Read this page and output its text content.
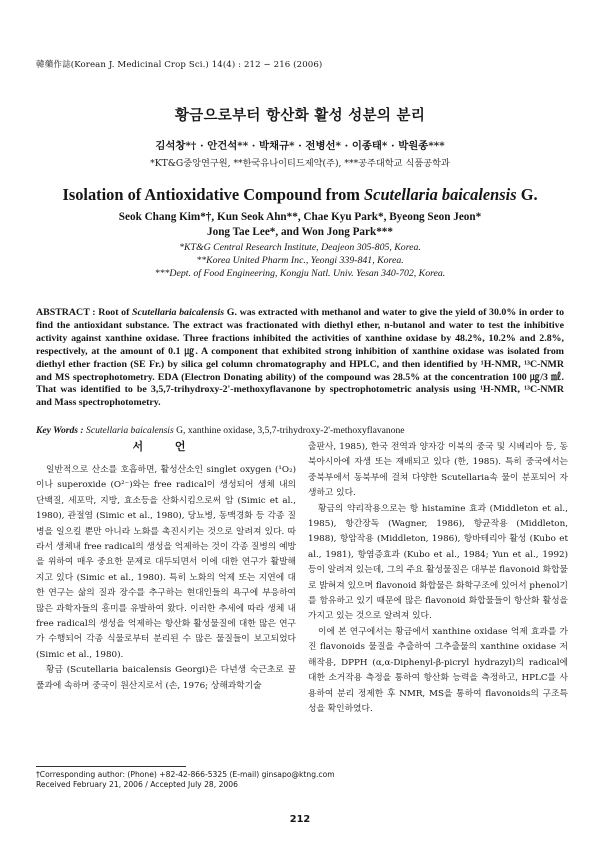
韓藥作誌(Korean J. Medicinal Crop Sci.) 14(4) : 212 − 216 (2006)
황금으로부터 항산화 활성 성분의 분리
김석창*† · 안건석** · 박채규* · 전병선* · 이종태* · 박원종***
*KT&G중앙연구원, **한국유나이티드제약(주), ***공주대학교 식품공학과
Isolation of Antioxidative Compound from Scutellaria baicalensis G.
Seok Chang Kim*†, Kun Seok Ahn**, Chae Kyu Park*, Byeong Seon Jeon*
Jong Tae Lee*, and Won Jong Park***
*KT&G Central Research Institute, Deajeon 305-805, Korea.
**Korea United Pharm Inc., Yeongi 339-841, Korea.
***Dept. of Food Engineering, Kongju Natl. Univ. Yesan 340-702, Korea.
ABSTRACT : Root of Scutellaria baicalensis G. was extracted with methanol and water to give the yield of 30.0% in order to find the antioxidant substance. The extract was fractionated with diethyl ether, n-butanol and water to test the inhibitive activity against xanthine oxidase. Three fractions inhibited the activities of xanthine oxidase by 48.2%, 10.2% and 2.8%, respectively, at the amount of 0.1 ㎍. A component that exhibited strong inhibition of xanthine oxidase was isolated from diethyl ether fraction (SE Fr.) by silica gel column chromatography and HPLC, and then identified by ¹H-NMR, ¹³C-NMR and MS spectrophotometry. EDA (Electron Donating ability) of the compound was 28.5% at the concentration 100 ㎍/3 ㎖. That was identified to be 3,5,7-trihydroxy-2'-methoxyflavanone by spectrophotometric analysis using ¹H-NMR, ¹³C-NMR and Mass spectrophotometry.
Key Words : Scutellaria baicalensis G, xanthine oxidase, 3,5,7-trihydroxy-2'-methoxyflavanone
서 언

일반적으로 산소를 호흡하면, 활성산소인 singlet oxygen (¹O₂)이나 superoxide (O²⁻)와는 free radical이 생성되어 생체 내의 단백질, 세포막, 지방, 효소등을 산화시킴으로써 암 (Simic et al., 1980), 관절염 (Simic et al., 1980), 당뇨병, 동맥경화 등 각종 질병을 일으킬 뿐만 아니라 노화를 촉진시키는 것으로 알려져 있다. 따라서 생체내 free radical의 생성을 억제하는 것이 각종 질병의 예방을 위하여 매우 중요한 문제로 대두되면서 이에 대한 연구가 활발해지고 있다 (Simic et al., 1980). 특히 노화의 억제 또는 지연에 대한 연구는 삶의 질과 장수를 추구하는 현대인들의 욕구에 부응하여 많은 과학자들의 흥미를 유발하여 왔다. 이러한 추세에 따라 생체 내 free radical의 생성을 억제하는 항산화 활성물질에 대한 많은 연구가 수행되어 각종 식물로부터 분리된 수 많은 물질들이 보고되었다 (Simic et al., 1980).

황금 (Scutellaria baicalensis Georgi)은 다년생 숙근초로 꿀풀과에 속하며 중국이 원산지로서 (손, 1976; 상해과학기술

출판사, 1985), 한국 전역과 양자강 이북의 중국 및 시베리아 등, 동북아시아에 자생 또는 재배되고 있다 (한, 1985). 특히 중국에서는 중북부에서 동북부에 걸쳐 다양한 Scutellaria속 물이 분포되어 자생하고 있다.

황금의 약리작용으로는 항 histamine 효과 (Middleton et al., 1985), 항간장독 (Wagner, 1986), 항균작용 (Middleton, 1988), 항암작용 (Middleton, 1986), 항바테리아 활성 (Kubo et al., 1981), 항염증효과 (Kubo et al., 1984; Yun et al., 1992) 등이 알려져 있는데, 그의 주요 활성물질은 대부분 flavonoid 화합물로 밝혀져 있으며 flavonoid 화합물은 화학구조에 있어서 phenol기를 함유하고 있기 때문에 많은 flavonoid 화합물들이 항산화 활성을 가지고 있는 것으로 알려져 있다.

이에 본 연구에서는 황금에서 xanthine oxidase 억제 효과를 가진 flavonoids 물질을 추출하여 그추출물의 xanthine oxidase 저해작용, DPPH (α,α-Diphenyl-β-picryl hydrazyl)의 radical에 대한 소거작용 측정을 통하여 항산화 능력을 측정하고, HPLC를 사용하여 분리 정제한 후 NMR, MS을 통하여 flavonoids의 구조특성을 확인하였다.

†Corresponding author: (Phone) +82-42-866-5325 (E-mail) ginsapo@ktng.com
Received February 21, 2006 / Accepted July 28, 2006
212
